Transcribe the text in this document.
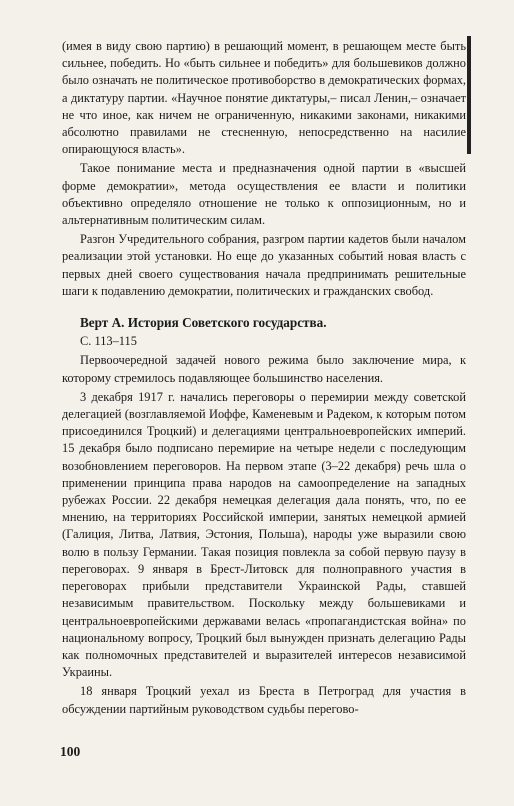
(имея в виду свою партию) в решающий момент, в решающем месте быть сильнее, победить. Но «быть сильнее и победить» для большевиков должно было означать не политическое противоборство в демократических формах, а диктатуру партии. «Научное понятие диктатуры,– писал Ленин,– означает не что иное, как ничем не ограниченную, никакими законами, никакими абсолютно правилами не стесненную, непосредственно на насилие опирающуюся власть».

Такое понимание места и предназначения одной партии в «высшей форме демократии», метода осуществления ее власти и политики объективно определяло отношение не только к оппозиционным, но и альтернативным политическим силам.

Разгон Учредительного собрания, разгром партии кадетов были началом реализации этой установки. Но еще до указанных событий новая власть с первых дней своего существования начала предпринимать решительные шаги к подавлению демократии, политических и гражданских свобод.

Верт А. История Советского государства.

С. 113–115

Первоочередной задачей нового режима было заключение мира, к которому стремилось подавляющее большинство населения.

3 декабря 1917 г. начались переговоры о перемирии между советской делегацией (возглавляемой Иоффе, Каменевым и Радеком, к которым потом присоединился Троцкий) и делегациями центральноевропейских империй. 15 декабря было подписано перемирие на четыре недели с последующим возобновлением переговоров. На первом этапе (3–22 декабря) речь шла о применении принципа права народов на самоопределение на западных рубежах России. 22 декабря немецкая делегация дала понять, что, по ее мнению, на территориях Российской империи, занятых немецкой армией (Галиция, Литва, Латвия, Эстония, Польша), народы уже выразили свою волю в пользу Германии. Такая позиция повлекла за собой первую паузу в переговорах. 9 января в Брест-Литовск для полноправного участия в переговорах прибыли представители Украинской Рады, ставшей независимым правительством. Поскольку между большевиками и центральноевропейскими державами велась «пропагандистская война» по национальному вопросу, Троцкий был вынужден признать делегацию Рады как полномочных представителей и выразителей интересов независимой Украины.

18 января Троцкий уехал из Бреста в Петроград для участия в обсуждении партийным руководством судьбы перегово-

100
